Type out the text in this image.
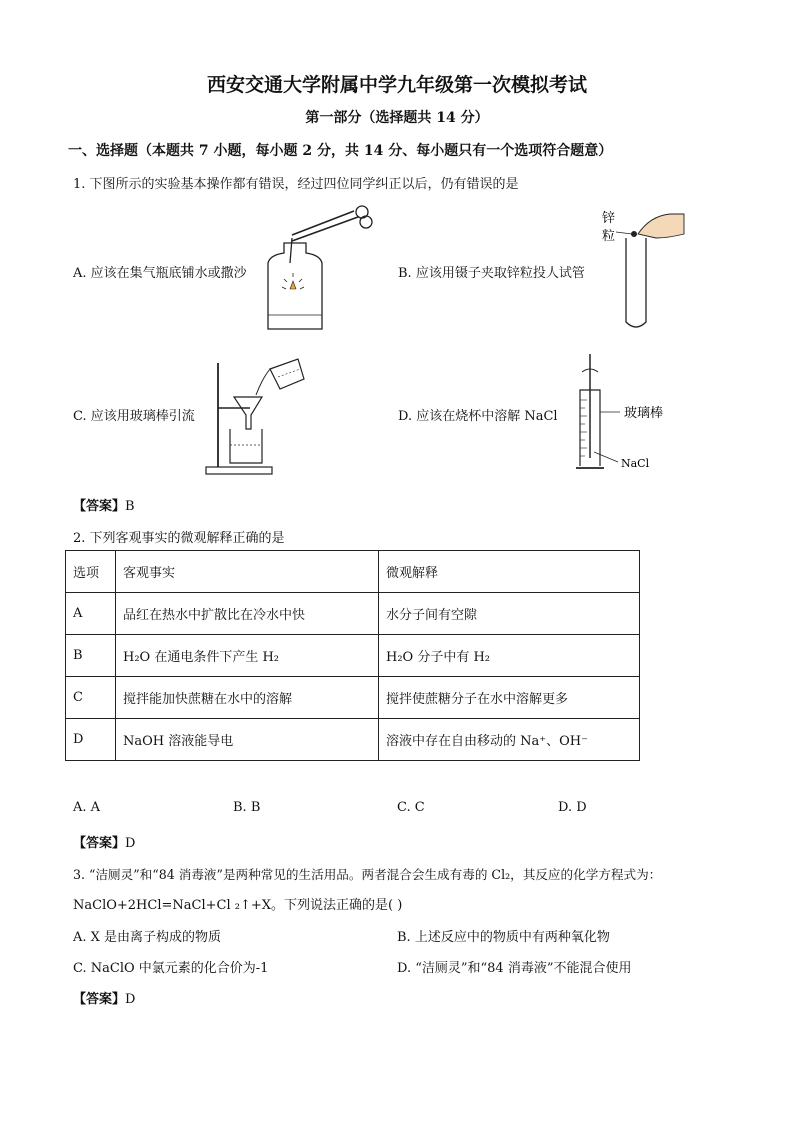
西安交通大学附属中学九年级第一次模拟考试
第一部分（选择题共 14 分）
一、选择题（本题共 7 小题，每小题 2 分，共 14 分、每小题只有一个选项符合题意）
1. 下图所示的实验基本操作都有错误，经过四位同学纠正以后，仍有错误的是
A. 应该在集气瓶底铺水或撒沙	B. 应该用镊子夹取锌粒投人试管
C. 应该用玻璃棒引流	D. 应该在烧杯中溶解 NaCl
锌
粒
玻璃棒
NaCl
【答案】B
2. 下列客观事实的微观解释正确的是
选项	客观事实	微观解释
A	品红在热水中扩散比在冷水中快	水分子间有空隙
B	H₂O 在通电条件下产生 H₂	H₂O 分子中有 H₂
C	搅拌能加快蔗糖在水中的溶解	搅拌使蔗糖分子在水中溶解更多
D	NaOH 溶液能导电	溶液中存在自由移动的 Na⁺、OH⁻
A. A	B. B	C. C	D. D
【答案】D
3. “洁厕灵”和“84 消毒液”是两种常见的生活用品。两者混合会生成有毒的 Cl₂，其反应的化学方程式为：
NaClO+2HCl=NaCl+Cl ₂↑+X。下列说法正确的是( )
A. X 是由离子构成的物质	B. 上述反应中的物质中有两种氧化物
C. NaClO 中氯元素的化合价为-1	D. “洁厕灵”和“84 消毒液”不能混合使用
【答案】D
